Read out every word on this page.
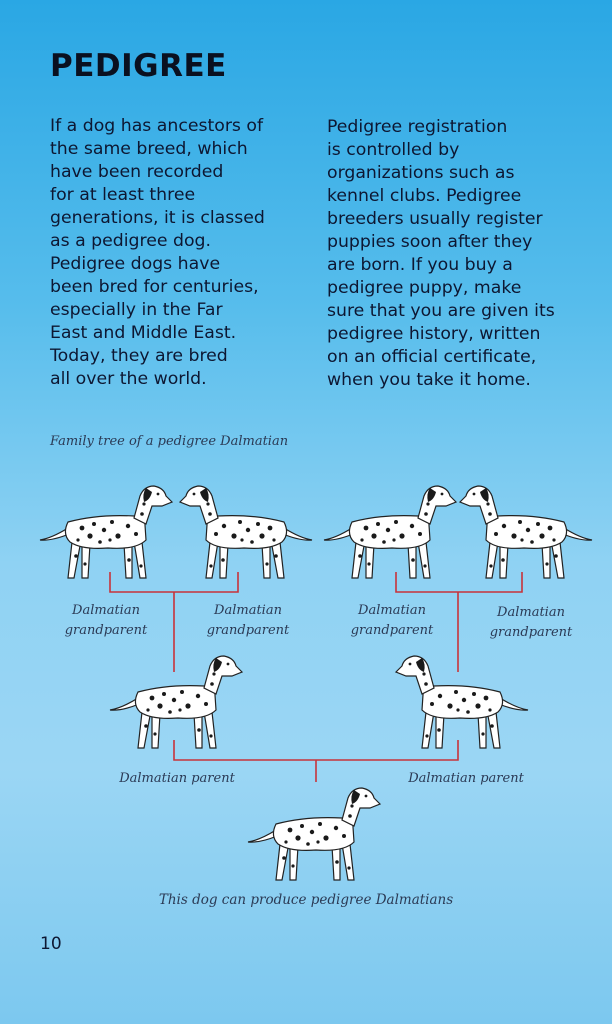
PEDIGREE
If a dog has ancestors of
the same breed, which
have been recorded
for at least three
generations, it is classed
as a pedigree dog.
Pedigree dogs have
been bred for centuries,
especially in the Far
East and Middle East.
Today, they are bred
all over the world.
Pedigree registration
is controlled by
organizations such as
kennel clubs. Pedigree
breeders usually register
puppies soon after they
are born. If you buy a
pedigree puppy, make
sure that you are given its
pedigree history, written
on an official certificate,
when you take it home.
Family tree of a pedigree Dalmatian
Dalmatian
grandparent
Dalmatian
grandparent
Dalmatian
grandparent
Dalmatian
grandparent
Dalmatian parent	Dalmatian parent
This dog can produce pedigree Dalmatians
10
